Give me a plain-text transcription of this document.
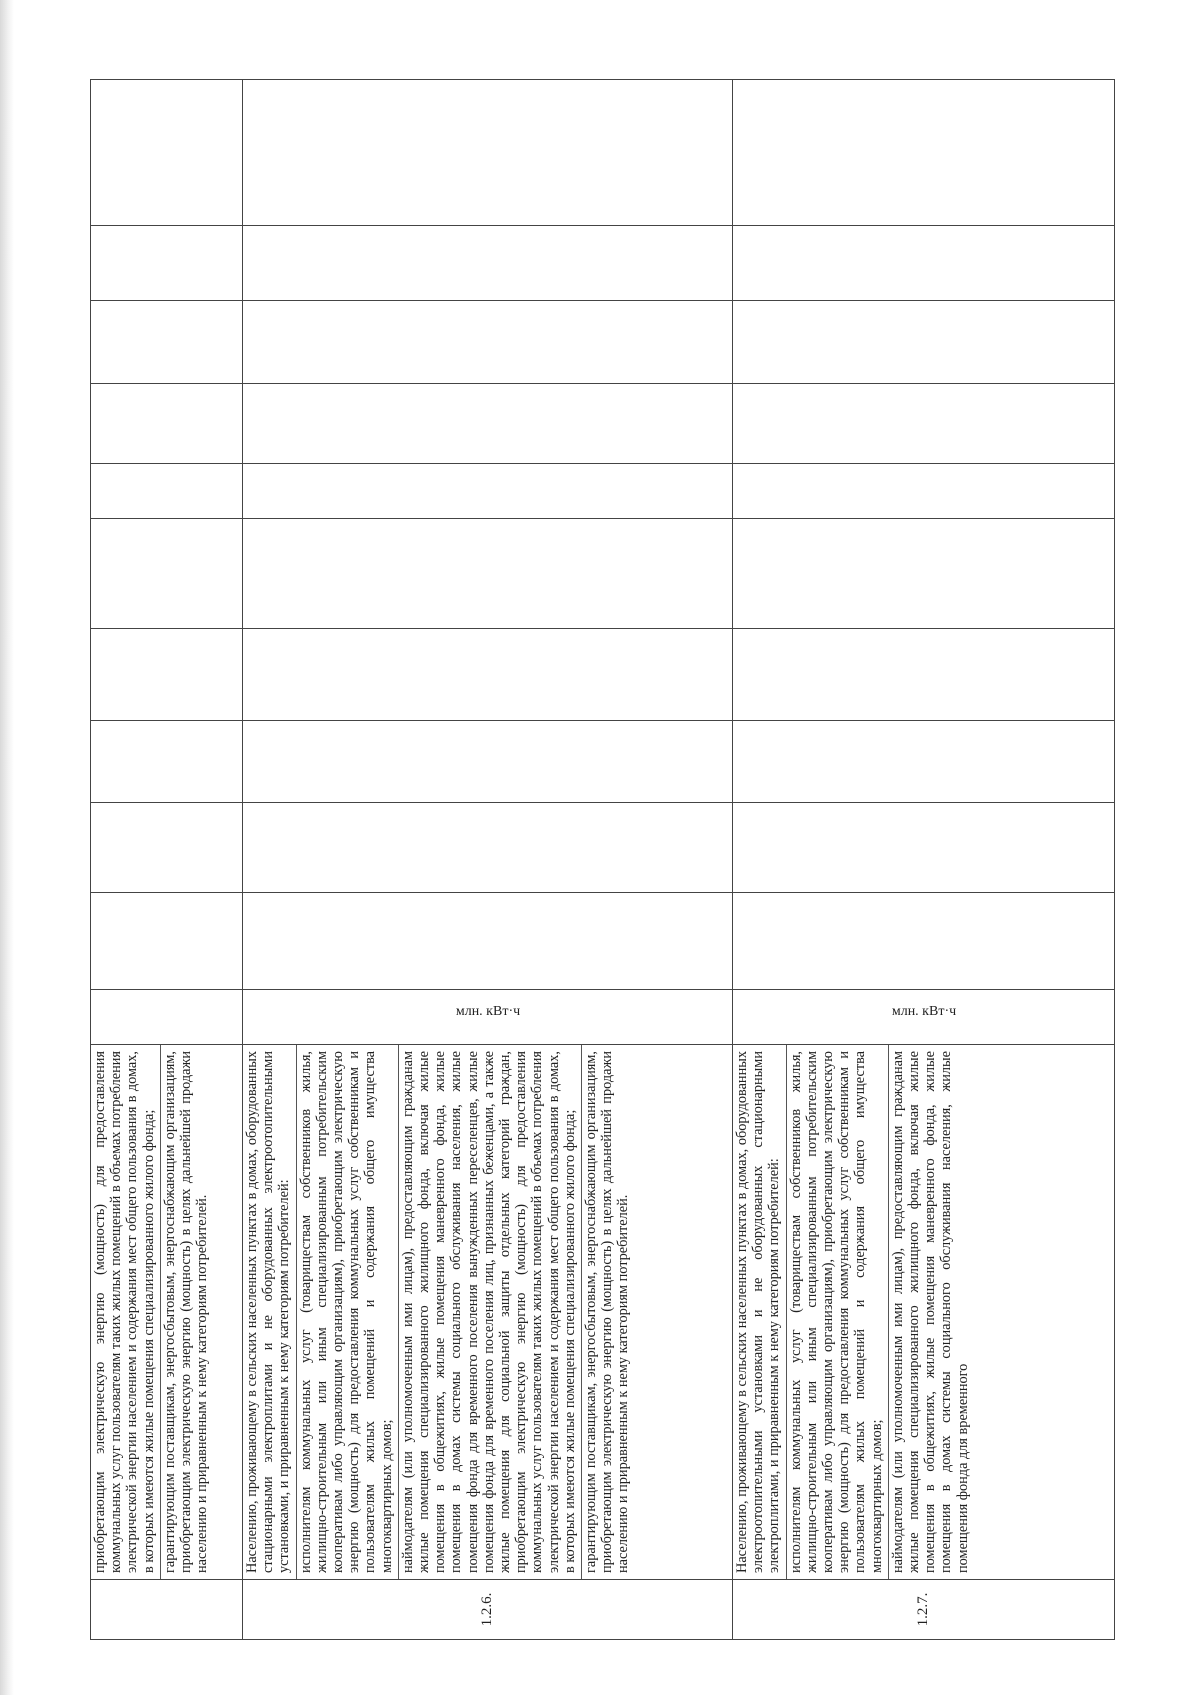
	приобретающим электрическую энергию (мощность) для предоставления коммунальных услуг пользователям таких жилых помещений в объемах потребления электрической энергии населением и содержания мест общего пользования в домах, в которых имеются жилые помещения специализированного жилого фонда; гарантирующим поставщикам, энергосбытовым, энергоснабжающим организациям, приобретающим электрическую энергию (мощность) в целях дальнейшей продажи населению и приравненным к нему категориям потребителей.											

1.2.6.	Населению, проживающему в сельских населенных пунктах в домах, оборудованных стационарными электроплитами и не оборудованных электроотопительными установками, и приравненным к нему категориям потребителей: исполнителям коммунальных услуг (товариществам собственников жилья, жилищно-строительным или иным специализированным потребительским кооперативам либо управляющим организациям), приобретающим электрическую энергию (мощность) для предоставления коммунальных услуг собственникам и пользователям жилых помещений и содержания общего имущества многоквартирных домов; наймодателям (или уполномоченным ими лицам), предоставляющим гражданам жилые помещения специализированного жилищного фонда, включая жилые помещения в общежитиях, жилые помещения маневренного фонда, жилые помещения в домах системы социального обслуживания населения, жилые помещения фонда для временного поселения вынужденных переселенцев, жилые помещения фонда для временного поселения лиц, признанных беженцами, а также жилые помещения для социальной защиты отдельных категорий граждан, приобретающим электрическую энергию (мощность) для предоставления коммунальных услуг пользователям таких жилых помещений в объемах потребления электрической энергии населением и содержания мест общего пользования в домах, в которых имеются жилые помещения специализированного жилого фонда; гарантирующим поставщикам, энергосбытовым, энергоснабжающим организациям, приобретающим электрическую энергию (мощность) в целях дальнейшей продажи населению и приравненным к нему категориям потребителей.	млн. кВт·ч										
1.2.7.	Населению, проживающему в сельских населенных пунктах в домах, оборудованных электроотопительными установками и не оборудованных стационарными электроплитами, и приравненным к нему категориям потребителей: исполнителям коммунальных услуг (товариществам собственников жилья, жилищно-строительным или иным специализированным потребительским кооперативам либо управляющим организациям), приобретающим электрическую энергию (мощность) для предоставления коммунальных услуг собственникам и пользователям жилых помещений и содержания общего имущества многоквартирных домов; наймодателям (или уполномоченным ими лицам), предоставляющим гражданам жилые помещения специализированного жилищного фонда, включая жилые помещения в общежитиях, жилые помещения маневренного фонда, жилые помещения в домах системы социального обслуживания населения, жилые помещения фонда для временного	млн. кВт·ч										
